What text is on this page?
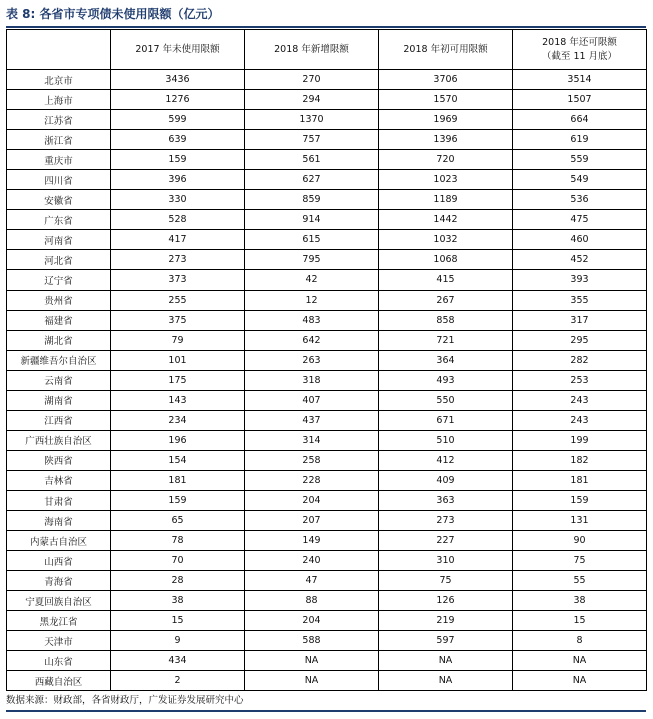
表 8: 各省市专项债未使用限额（亿元）
	2017 年未使用限额	2018 年新增限额	2018 年初可用限额	2018 年还可限额
（截至 11 月底）

北京市	3436	270	3706	3514
上海市	1276	294	1570	1507
江苏省	599	1370	1969	664
浙江省	639	757	1396	619
重庆市	159	561	720	559
四川省	396	627	1023	549
安徽省	330	859	1189	536
广东省	528	914	1442	475
河南省	417	615	1032	460
河北省	273	795	1068	452
辽宁省	373	42	415	393
贵州省	255	12	267	355
福建省	375	483	858	317
湖北省	79	642	721	295
新疆维吾尔自治区	101	263	364	282
云南省	175	318	493	253
湖南省	143	407	550	243
江西省	234	437	671	243
广西壮族自治区	196	314	510	199
陕西省	154	258	412	182
吉林省	181	228	409	181
甘肃省	159	204	363	159
海南省	65	207	273	131
内蒙古自治区	78	149	227	90
山西省	70	240	310	75
青海省	28	47	75	55
宁夏回族自治区	38	88	126	38
黑龙江省	15	204	219	15
天津市	9	588	597	8
山东省	434	NA	NA	NA
西藏自治区	2	NA	NA	NA
数据来源：财政部，各省财政厅，广发证券发展研究中心
